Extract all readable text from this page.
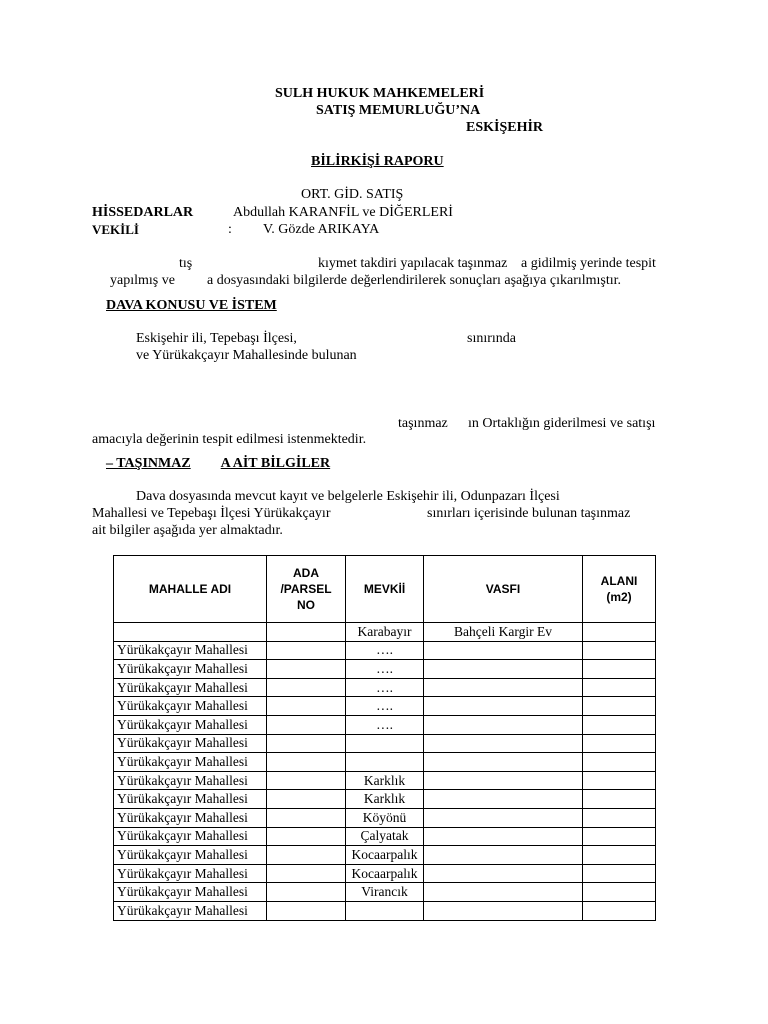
SULH HUKUK MAHKEMELERİ
SATIŞ MEMURLUĞU’NA
ESKİŞEHİR
BİLİRKİŞİ RAPORU
ORT. GİD. SATIŞ
HİSSEDARLAR	Abdullah KARANFİL ve DİĞERLERİ
VEKİLİ	: V. Gözde ARIKAYA
tış	kıymet takdiri yapılacak taşınmaz a gidilmiş yerinde tespit
yapılmış ve a dosyasındaki bilgilerde değerlendirilerek sonuçları aşağıya çıkarılmıştır.
DAVA KONUSU VE İSTEM
Eskişehir ili, Tepebaşı İlçesi,	sınırında
ve Yürükakçayır Mahallesinde bulunan
taşınmaz ın Ortaklığın giderilmesi ve satışı
amacıyla değerinin tespit edilmesi istenmektedir.
– TAŞINMAZ A AİT BİLGİLER
Dava dosyasında mevcut kayıt ve belgelerle Eskişehir ili, Odunpazarı İlçesi
Mahallesi ve Tepebaşı İlçesi Yürükakçayır	sınırları içerisinde bulunan taşınmaz
ait bilgiler aşağıda yer almaktadır.
MAHALLE ADI	ADA
/PARSEL
NO	MEVKİİ	VASFI	ALANI
(m2)
		Karabayır	Bahçeli Kargir Ev	
Yürükakçayır Mahallesi		….		
Yürükakçayır Mahallesi		….		
Yürükakçayır Mahallesi		….		
Yürükakçayır Mahallesi		….		
Yürükakçayır Mahallesi		….		
Yürükakçayır Mahallesi				
Yürükakçayır Mahallesi				
Yürükakçayır Mahallesi		Karklık		
Yürükakçayır Mahallesi		Karklık		
Yürükakçayır Mahallesi		Köyönü		
Yürükakçayır Mahallesi		Çalyatak		
Yürükakçayır Mahallesi		Kocaarpalık		
Yürükakçayır Mahallesi		Kocaarpalık		
Yürükakçayır Mahallesi		Virancık		
Yürükakçayır Mahallesi				
